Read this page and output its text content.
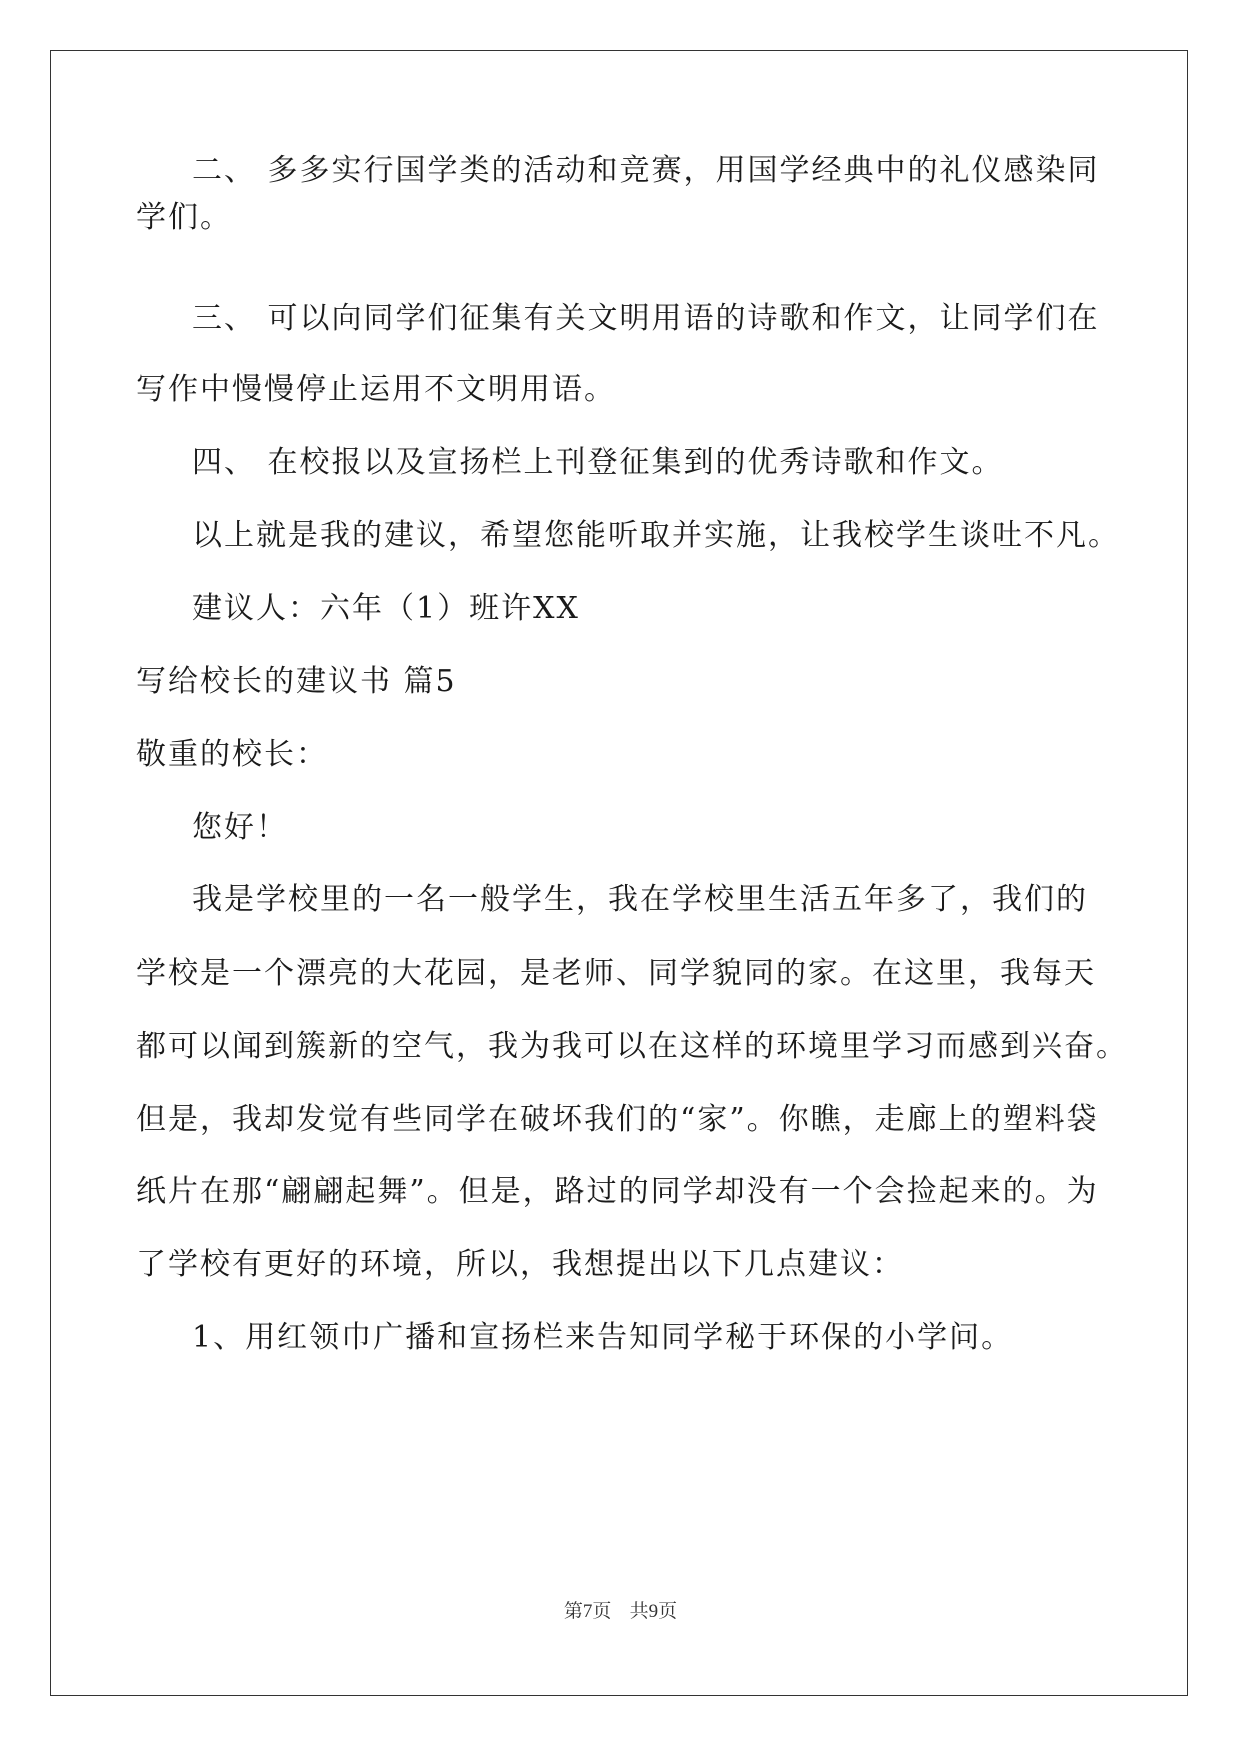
二、 多多实行国学类的活动和竞赛，用国学经典中的礼仪感染同
学们。
三、 可以向同学们征集有关文明用语的诗歌和作文，让同学们在
写作中慢慢停止运用不文明用语。
四、 在校报以及宣扬栏上刊登征集到的优秀诗歌和作文。
以上就是我的建议，希望您能听取并实施，让我校学生谈吐不凡。
建议人：六年（1）班许XX
写给校长的建议书 篇5
敬重的校长：
您好！
我是学校里的一名一般学生，我在学校里生活五年多了，我们的
学校是一个漂亮的大花园，是老师、同学貌同的家。在这里，我每天
都可以闻到簇新的空气，我为我可以在这样的环境里学习而感到兴奋。
但是，我却发觉有些同学在破坏我们的“家”。你瞧，走廊上的塑料袋
纸片在那“翩翩起舞”。但是，路过的同学却没有一个会捡起来的。为
了学校有更好的环境，所以，我想提出以下几点建议：
1、用红领巾广播和宣扬栏来告知同学秘于环保的小学问。
第7页 共9页
